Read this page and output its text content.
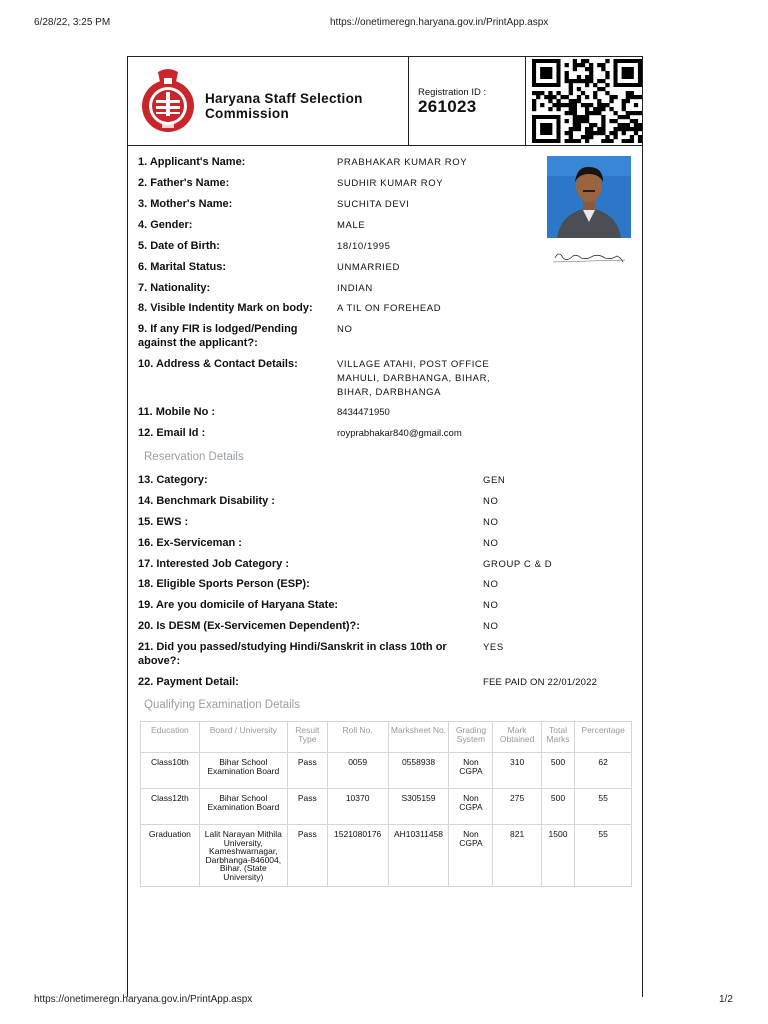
6/28/22, 3:25 PM	https://onetimeregn.haryana.gov.in/PrintApp.aspx
https://onetimeregn.haryana.gov.in/PrintApp.aspx	1/2
Haryana Staff Selection Commission
Registration ID :
261023
1. Applicant's Name:	PRABHAKAR KUMAR ROY
2. Father's Name:	SUDHIR KUMAR ROY
3. Mother's Name:	SUCHITA DEVI
4. Gender:	MALE
5. Date of Birth:	18/10/1995
6. Marital Status:	UNMARRIED
7. Nationality:	INDIAN
8. Visible Indentity Mark on body:	A TIL ON FOREHEAD
9. If any FIR is lodged/Pending
against the applicant?:
NO
10. Address & Contact Details:	VILLAGE ATAHI, POST OFFICE
MAHULI, DARBHANGA, BIHAR,
BIHAR, DARBHANGA
11. Mobile No :	8434471950
12. Email Id :	royprabhakar840@gmail.com
Reservation Details
13. Category:	GEN
14. Benchmark Disability :	NO
15. EWS :	NO
16. Ex-Serviceman :	NO
17. Interested Job Category :	GROUP C & D
18. Eligible Sports Person (ESP):	NO
19. Are you domicile of Haryana State:	NO
20. Is DESM (Ex-Servicemen Dependent)?:	NO
21. Did you passed/studying Hindi/Sanskrit in class 10th or
above?:
YES
22. Payment Detail:	FEE PAID ON 22/01/2022
Qualifying Examination Details
Education	Board / University	Result Type	Roll No.	Marksheet No.	Grading System	Mark Obtained	Total Marks	Percentage
Class10th	Bihar School Examination Board	Pass	0059	0558938	Non CGPA	310	500	62
Class12th	Bihar School Examination Board	Pass	10370	S305159	Non CGPA	275	500	55
Graduation	Lalit Narayan Mithila University, Kameshwarnagar, Darbhanga-846004, Bihar. (State University)	Pass	1521080176	AH10311458	Non CGPA	821	1500	55
